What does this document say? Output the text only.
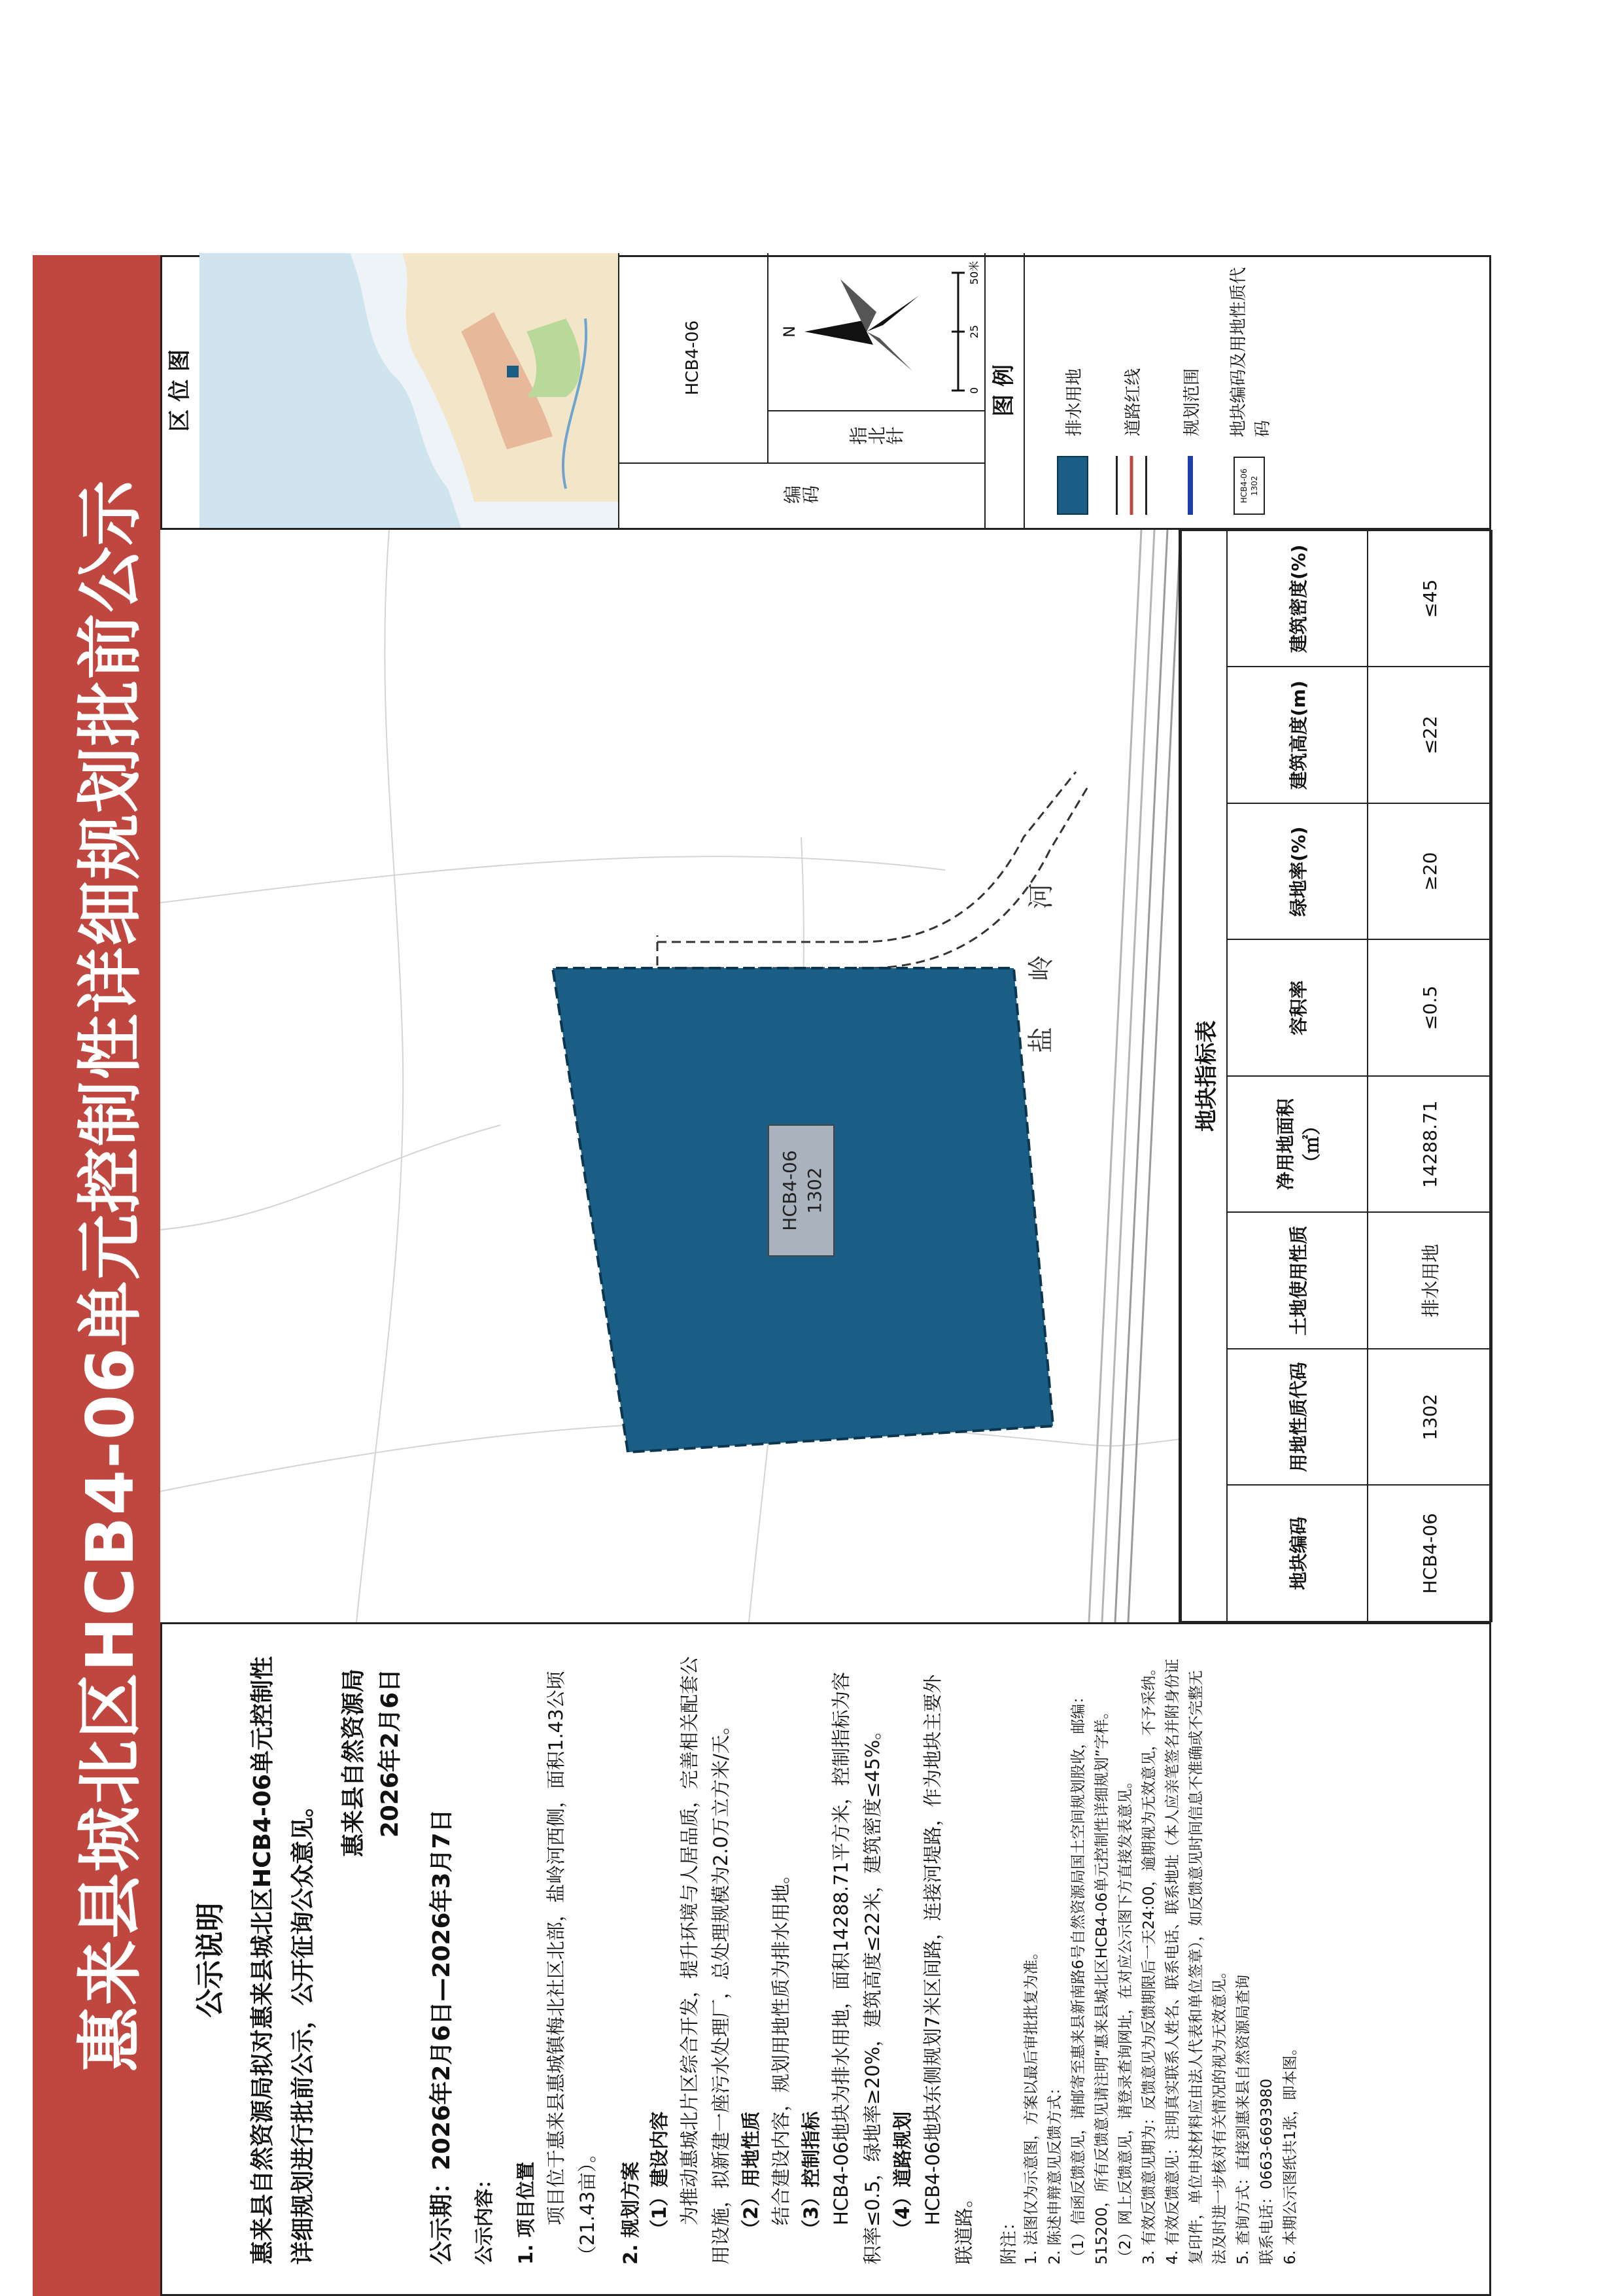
惠来县城北区HCB4-06单元控制性详细规划批前公示 公示说明 惠来县自然资源局拟对惠来县城北区HCB4-06单元控制性详细规划进行批前公示，公开征询公众意见。
惠来县自然资源局 2026年2月6日
公示期：2026年2月6日—2026年3月7日 公示内容： 1. 项目位置 项目位于惠来县惠城镇梅北社区北部，盐岭河西侧，面积1.43公顷（21.43亩）。 2. 规划方案 （1）建设内容 为推动惠城北片区综合开发，提升环境与人居品质，完善相关配套公用设施，拟新建一座污水处理厂，总处理规模为2.0万立方米/天。 （2）用地性质 结合建设内容，规划用地性质为排水用地。 （3）控制指标 HCB4-06地块为排水用地，面积14288.71平方米，控制指标为容积率≤0.5，绿地率≥20%，建筑高度≤22米，建筑密度≤45%。 （4）道路规划 HCB4-06地块东侧规划7米区间路，连接河堤路，作为地块主要外联道路。 附注： 1. 法图仅为示意图，方案以最后审批批复为准。 2. 陈述申辩意见反馈方式： （1）信函反馈意见，请邮寄至惠来县新南路6号自然资源局国土空间规划股收，邮编：515200，所有反馈意见请注明“惠来县城北区HCB4-06单元控制性详细规划”字样。 （2）网上反馈意见，请登录查询网址，在对应公示图下方直接发表意见。 3. 有效反馈意见期为：反馈意见为反馈期限后一天24:00，逾期视为无效意见，不予采纳。 4. 有效反馈意见：注明真实联系人姓名、联系电话、联系地址（本人应亲笔签名并附身份证复印件，单位申述材料应由法人代表和单位签章），如反馈意见时间信息不准确或不完整无法及时进一步核对有关情况的视为无效意见。 5. 查询方式：直接到惠来县自然资源局查询 联系电话：0663-6693980 6. 本期公示图纸共1张，即本图。
盐
岭
河
HCB4-06 1302
地块指标表							
地块编码	用地性质代码	土地使用性质	净用地面积（㎡）	容积率	绿地率(%)	建筑高度(m)	建筑密度(%)
HCB4-06	1302	排水用地	14288.71	≤0.5	≥20	≤22	≤45
区 位 图
编码
HCB4-06
指北针
N
0
25
50米
图 例	排水用地 道路红线 规划范围
HCB4-06 1302
地块编码及用地性质代码
